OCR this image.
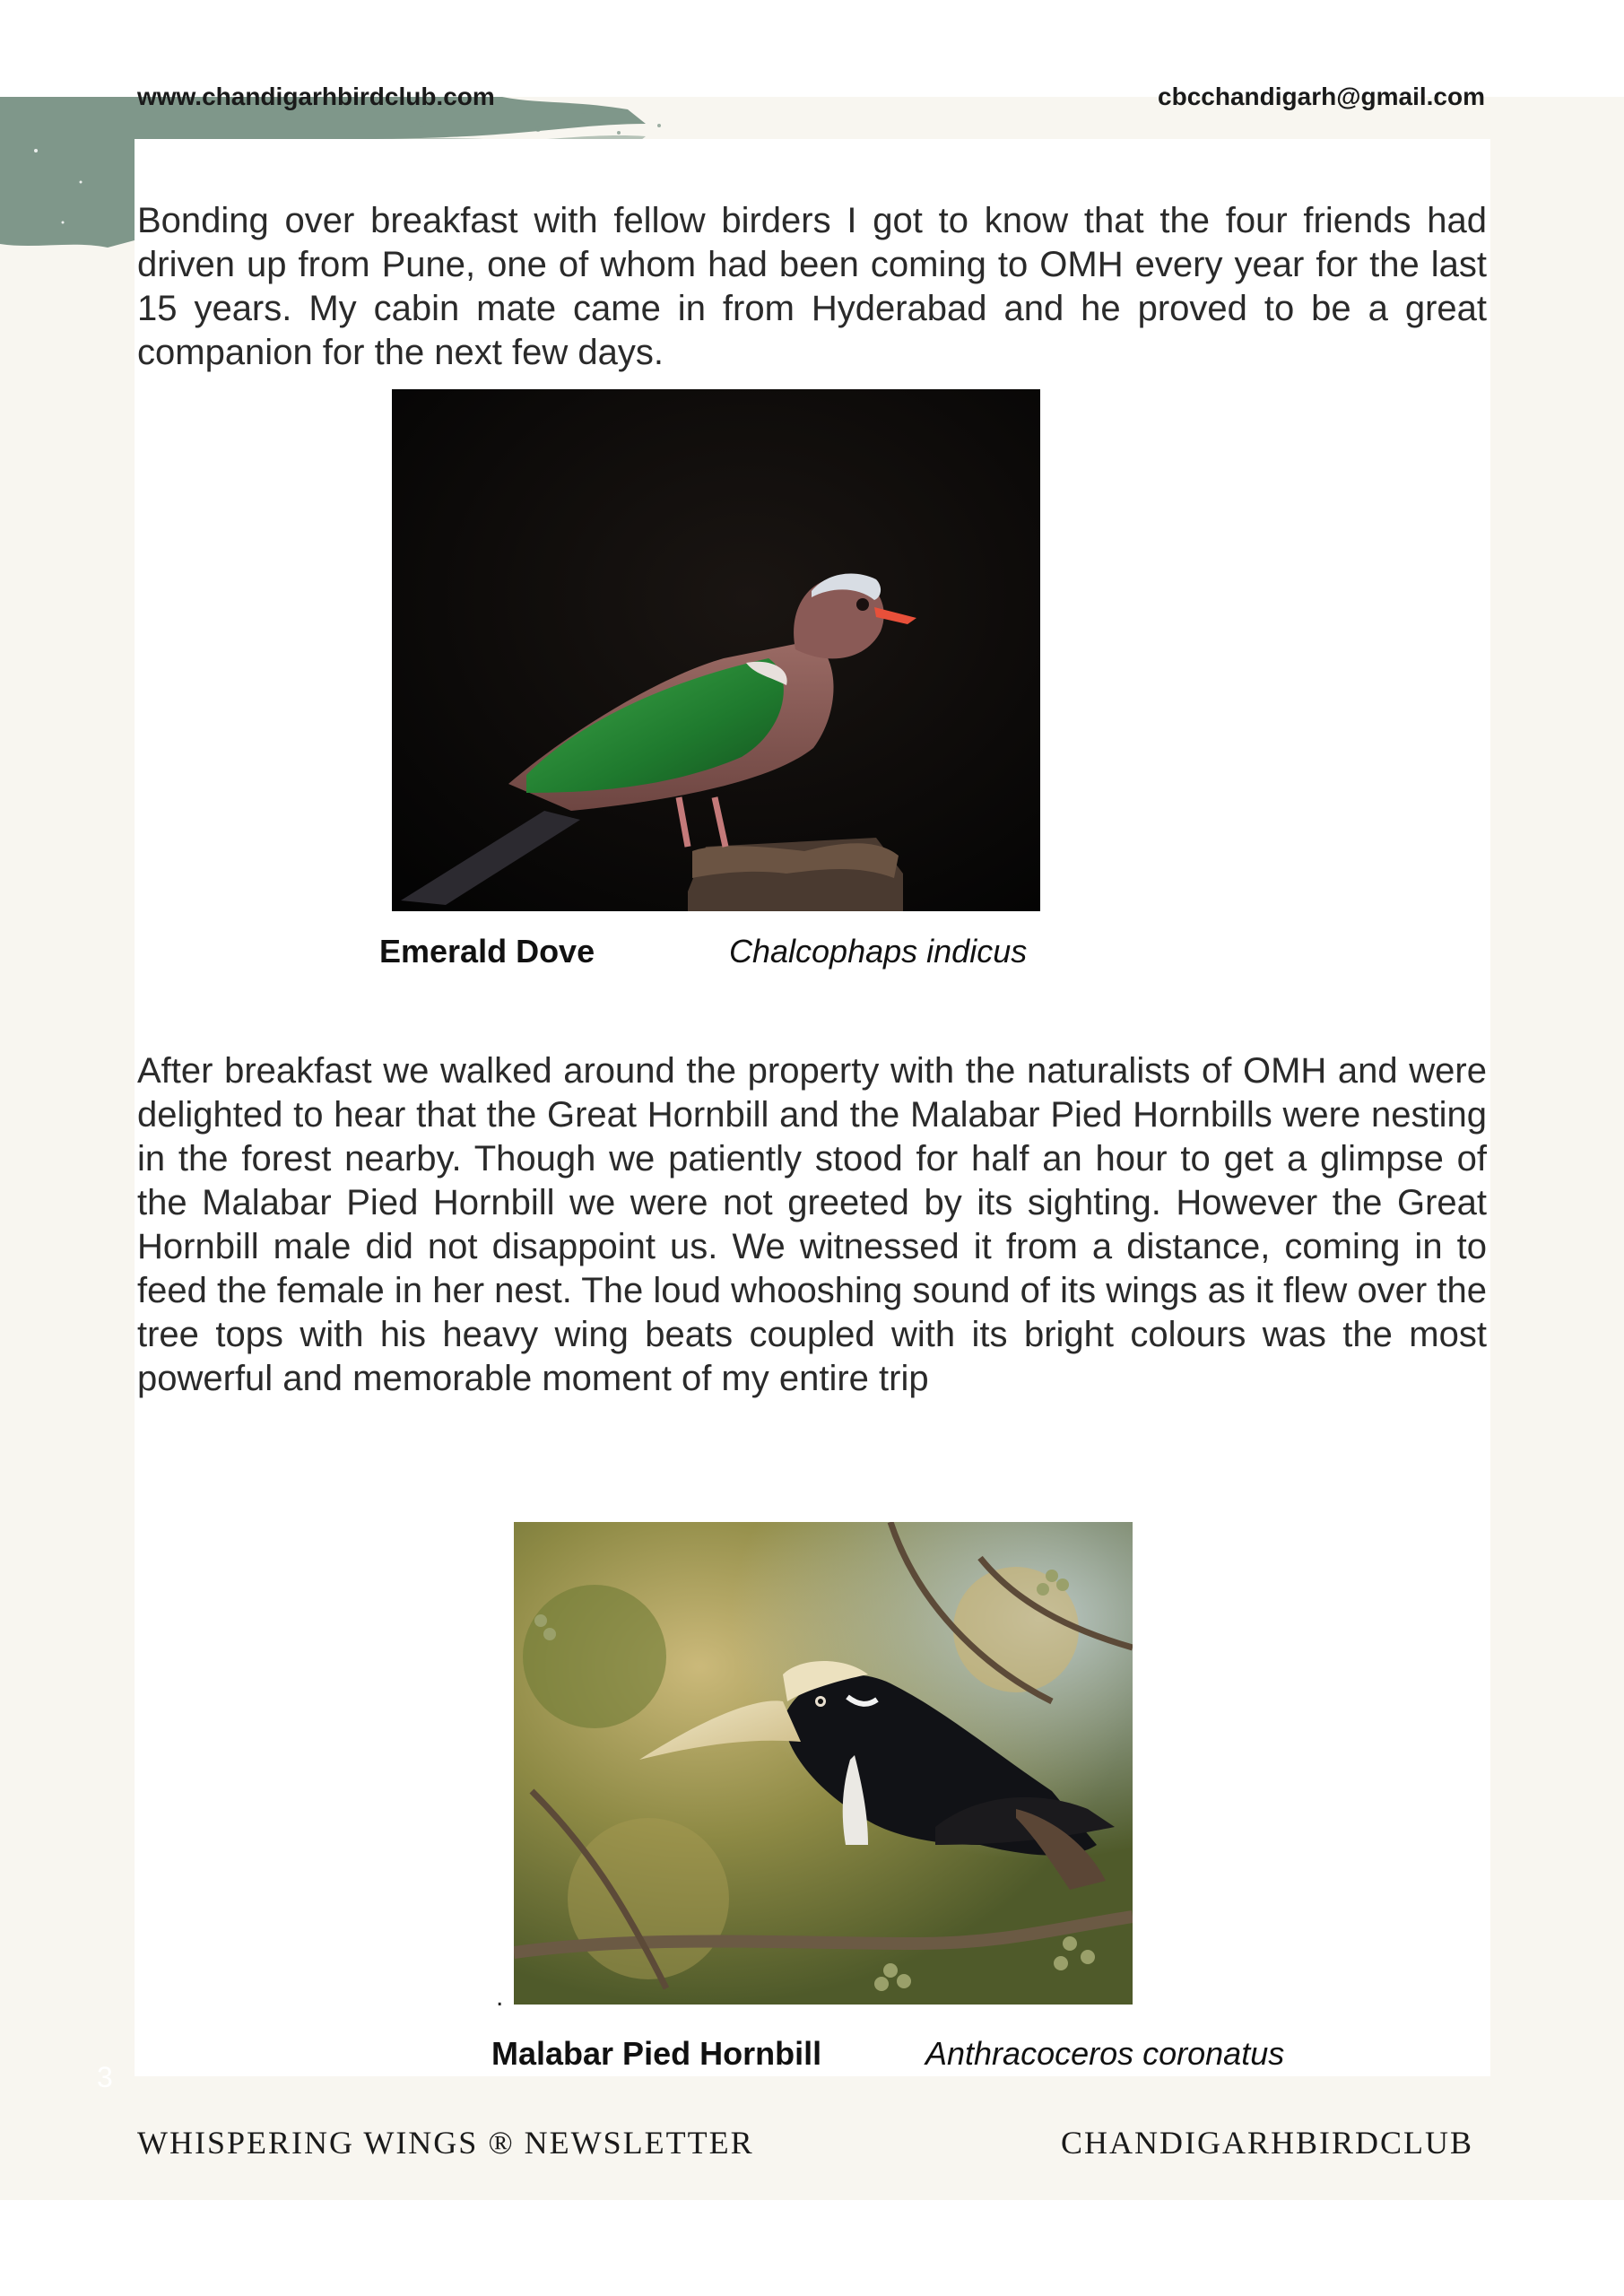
www.chandigarhbirdclub.com	cbcchandigarh@gmail.com

Bonding over breakfast with fellow birders I got to know that the four friends had driven up from Pune, one of whom had been coming to OMH every year for the last 15 years. My cabin mate came in from Hyderabad and he proved to be a great companion for the next few days.

Emerald Dove	Chalcophaps indicus

After breakfast we walked around the property with the naturalists of OMH and were delighted to hear that the Great Hornbill and the Malabar Pied Hornbills were nesting in the forest nearby. Though we patiently stood for half an hour to get a glimpse of the Malabar Pied Hornbill we were not greeted by its sighting. However the Great Hornbill male did not disappoint us. We witnessed it from a distance, coming in to feed the female in her nest. The loud whooshing sound of its wings as it flew over the tree tops with his heavy wing beats coupled with its bright colours was the most powerful and memorable moment of my entire trip

.
Malabar Pied Hornbill	Anthracoceros coronatus
3
WHISPERING WINGS ® NEWSLETTER	CHANDIGARHBIRDCLUB
